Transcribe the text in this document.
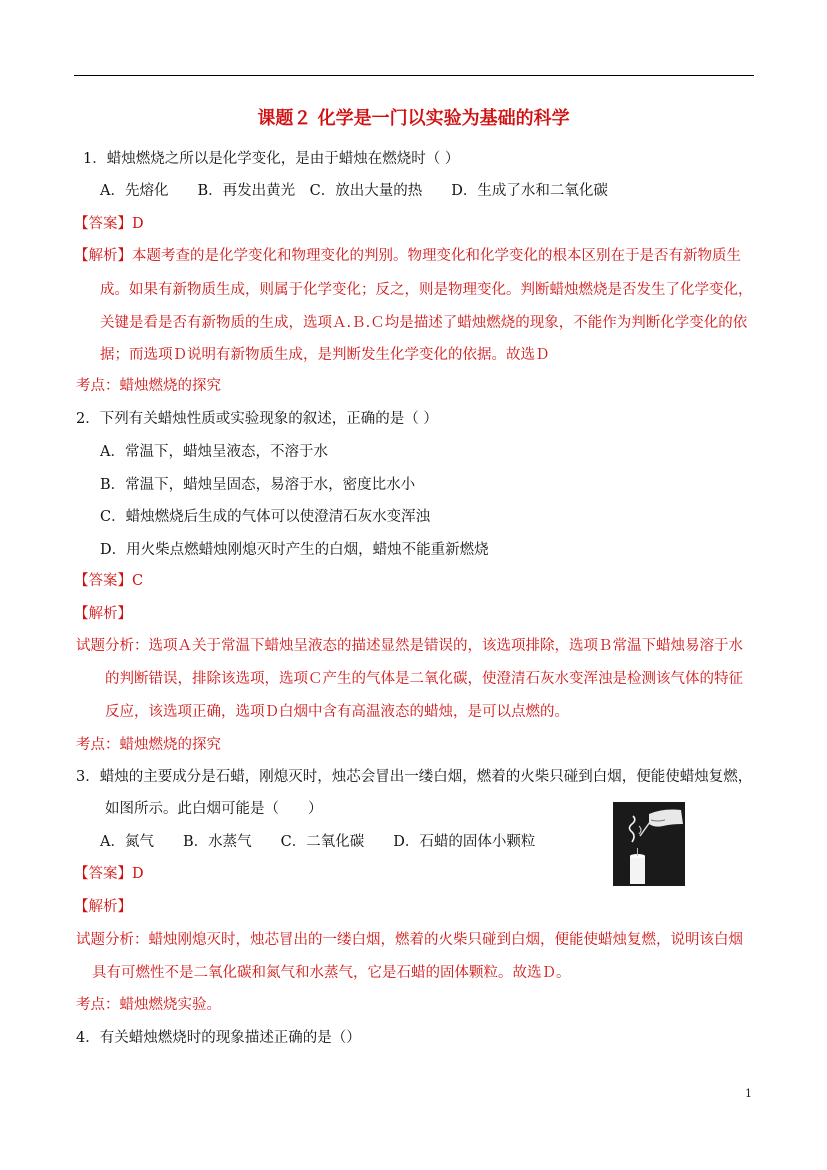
课题２ 化学是一门以实验为基础的科学
1．蜡烛燃烧之所以是化学变化，是由于蜡烛在燃烧时（ ）
A．先熔化　　B．再发出黄光　C．放出大量的热　　D．生成了水和二氧化碳
【答案】D
【解析】本题考查的是化学变化和物理变化的判别。物理变化和化学变化的根本区别在于是否有新物质生
成。如果有新物质生成，则属于化学变化；反之，则是物理变化。判断蜡烛燃烧是否发生了化学变化，
关键是看是否有新物质的生成，选项Ａ.Ｂ.Ｃ均是描述了蜡烛燃烧的现象，不能作为判断化学变化的依
据；而选项Ｄ说明有新物质生成，是判断发生化学变化的依据。故选Ｄ
考点：蜡烛燃烧的探究
2．下列有关蜡烛性质或实验现象的叙述，正确的是（ ）
A．常温下，蜡烛呈液态，不溶于水
B．常温下，蜡烛呈固态，易溶于水，密度比水小
C．蜡烛燃烧后生成的气体可以使澄清石灰水变浑浊
D．用火柴点燃蜡烛刚熄灭时产生的白烟，蜡烛不能重新燃烧
【答案】C
【解析】
试题分析：选项Ａ关于常温下蜡烛呈液态的描述显然是错误的，该选项排除，选项Ｂ常温下蜡烛易溶于水
的判断错误，排除该选项，选项Ｃ产生的气体是二氧化碳，使澄清石灰水变浑浊是检测该气体的特征
反应，该选项正确，选项Ｄ白烟中含有高温液态的蜡烛，是可以点燃的。
考点：蜡烛燃烧的探究
3．蜡烛的主要成分是石蜡，刚熄灭时，烛芯会冒出一缕白烟，燃着的火柴只碰到白烟，便能使蜡烛复燃，
如图所示。此白烟可能是（　　）
A．氮气　　B．水蒸气　　C．二氧化碳　　D．石蜡的固体小颗粒
【答案】D
【解析】
试题分析：蜡烛刚熄灭时，烛芯冒出的一缕白烟，燃着的火柴只碰到白烟，便能使蜡烛复燃，说明该白烟
具有可燃性不是二氧化碳和氮气和水蒸气，它是石蜡的固体颗粒。故选Ｄ。
考点：蜡烛燃烧实验。
4．有关蜡烛燃烧时的现象描述正确的是（）
1
